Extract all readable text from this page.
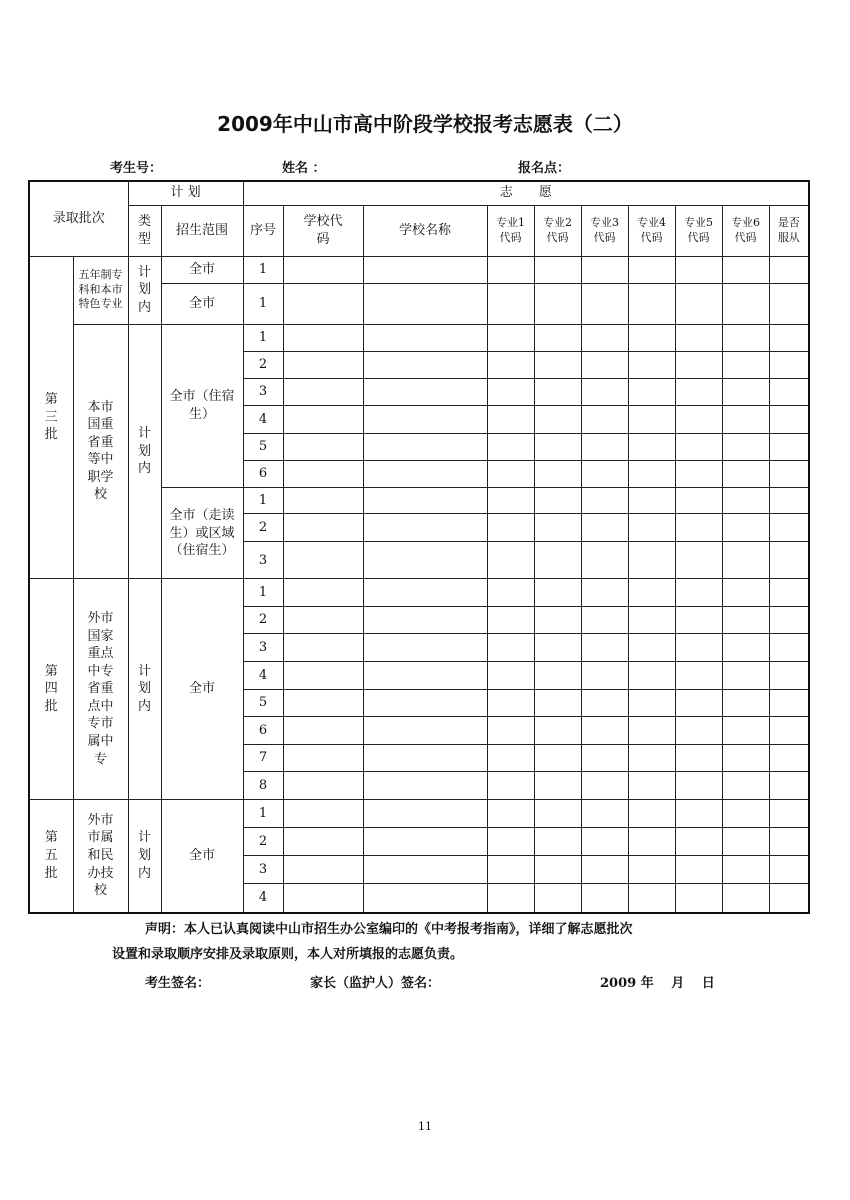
2009年中山市高中阶段学校报考志愿表（二）
考生号：	姓名 ：	报名点：
录取批次		计 划		志　　愿									
		类型	招生范围	序号	学校代码	学校名称	专业1代码	专业2代码	专业3代码	专业4代码	专业5代码	专业6代码	是否服从
第三批	五年制专科和本市特色专业	计划内	全市	1									
			全市	1									
	本市国重省重等中职学校	计划内	全市（住宿生）	1									
				2									
				3									
				4									
				5									
				6									
			全市（走读生）或区域（住宿生）	1									
				2									
				3									
第四批	外市国家重点中专省重点中专市属中专	计划内	全市	1									
				2									
				3									
				4									
				5									
				6									
				7									
				8									
第五批	外市市属和民办技校	计划内	全市	1									
				2									
				3									
				4									
声明：本人已认真阅读中山市招生办公室编印的《中考报考指南》，详细了解志愿批次
设置和录取顺序安排及录取原则，本人对所填报的志愿负责。
考生签名：	家长（监护人）签名：	2009 年　 月　 日
11
